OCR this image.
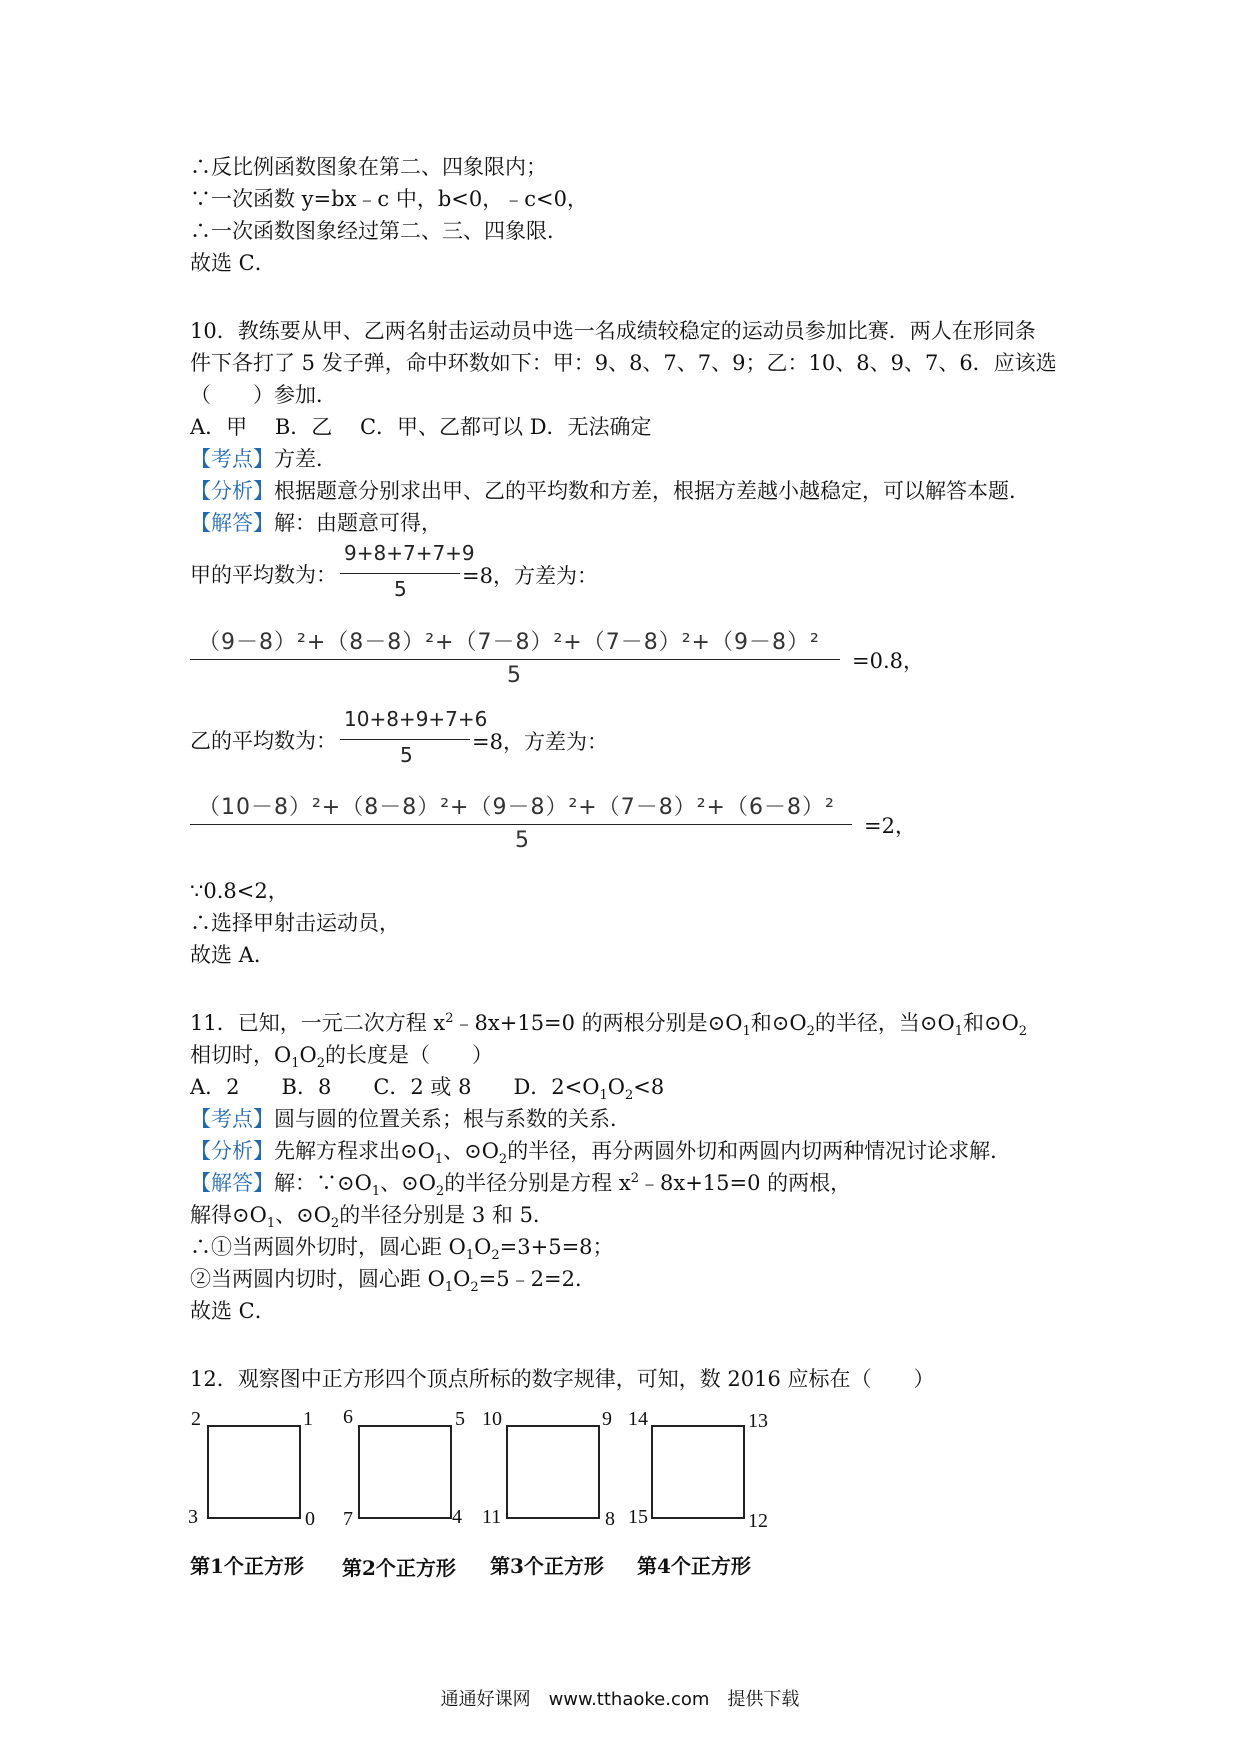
∴反比例函数图象在第二、四象限内；
∵一次函数 y=bx﹣c 中，b<0，﹣c<0，
∴一次函数图象经过第二、三、四象限．
故选 C．
10．教练要从甲、乙两名射击运动员中选一名成绩较稳定的运动员参加比赛．两人在形同条
件下各打了 5 发子弹，命中环数如下：甲：9、8、7、7、9；乙：10、8、9、7、6．应该选
（　　）参加．
A．甲　 B．乙　 C．甲、乙都可以 D．无法确定
【考点】方差．
【分析】根据题意分别求出甲、乙的平均数和方差，根据方差越小越稳定，可以解答本题．
【解答】解：由题意可得，
甲的平均数为：
9+8+7+7+9
5
=8，方差为：
（9－8）²+（8－8）²+（7－8）²+（7－8）²+（9－8）²
5
=0.8，
乙的平均数为：
10+8+9+7+6
5
=8，方差为：
（10－8）²+（8－8）²+（9－8）²+（7－8）²+（6－8）²
5
=2，
∵0.8<2，
∴选择甲射击运动员，
故选 A．
11．已知，一元二次方程 $x^2﹣8x+15=0$ 的两根分别是$⊙O_1$和$⊙O_2$的半径，当$⊙O_1$和$⊙O_2$
相切时，$O_1O_2$的长度是（　　）
A．2　　B．8　　C．2 或 8　　D．$2<O_1O_2<8$
【考点】圆与圆的位置关系；根与系数的关系．
【分析】先解方程求出$⊙O_1$、$⊙O_2$的半径，再分两圆外切和两圆内切两种情况讨论求解．
【解答】解：$\because⊙O_1$、$⊙O_2$的半径分别是方程 $x^2﹣8x+15=0$ 的两根，
解得$⊙O_1$、$⊙O_2$的半径分别是 3 和 5．
∴①当两圆外切时，圆心距 $O_1O_2=3+5=8$；
②当两圆内切时，圆心距 $O_1O_2=5﹣2=2$．
故选 C．
12．观察图中正方形四个顶点所标的数字规律，可知，数 2016 应标在（　　）
2	1
3	0
第1个正方形
6	5
7	4
第2个正方形
10	9
11	8
第3个正方形
14	13
15	12
第4个正方形
通通好课网　www.tthaoke.com　提供下载
